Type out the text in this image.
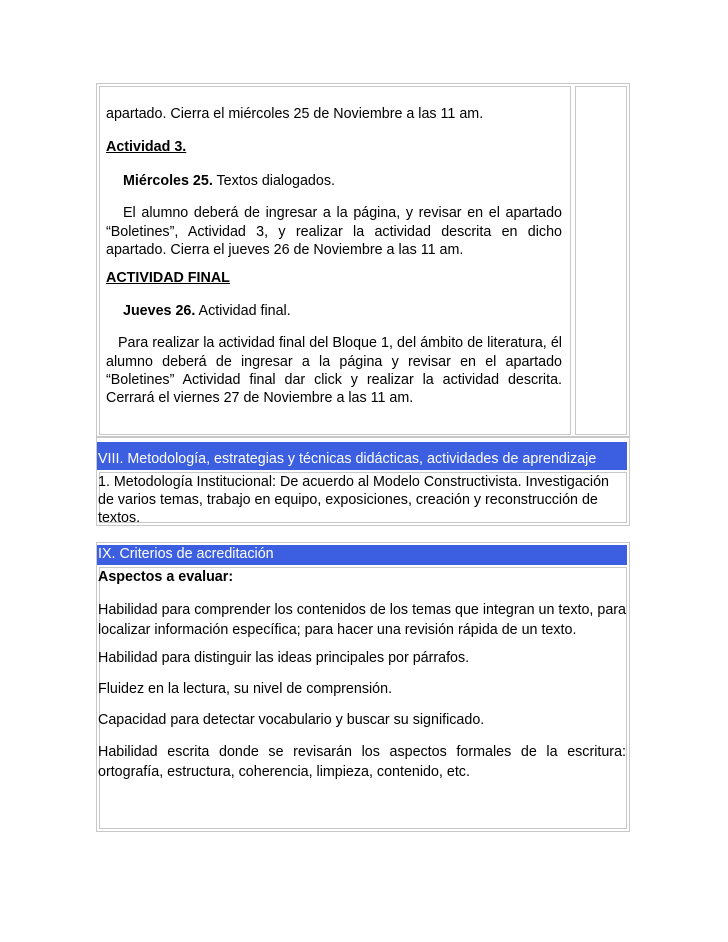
apartado. Cierra el miércoles 25 de Noviembre a las 11 am.

Actividad 3.

Miércoles 25. Textos dialogados.

El alumno deberá de ingresar a la página, y revisar en el apartado

“Boletines”, Actividad 3, y realizar la actividad descrita en dicho

apartado. Cierra el jueves 26 de Noviembre a las 11 am.

ACTIVIDAD FINAL

Jueves 26. Actividad final.

Para realizar la actividad final del Bloque 1, del ámbito de literatura, él

alumno deberá de ingresar a la página y revisar en el apartado

“Boletines” Actividad final dar click y realizar la actividad descrita.

Cerrará el viernes 27 de Noviembre a las 11 am.

VIII. Metodología, estrategias y técnicas didácticas, actividades de aprendizaje

1. Metodología Institucional: De acuerdo al Modelo Constructivista. Investigación

de varios temas, trabajo en equipo, exposiciones, creación y reconstrucción de

textos.

IX. Criterios de acreditación

Aspectos a evaluar:

Habilidad para comprender los contenidos de los temas que integran un texto, para

localizar información específica; para hacer una revisión rápida de un texto.

Habilidad para distinguir las ideas principales por párrafos.

Fluidez en la lectura, su nivel de comprensión.

Capacidad para detectar vocabulario y buscar su significado.

Habilidad escrita donde se revisarán los aspectos formales de la escritura:

ortografía, estructura, coherencia, limpieza, contenido, etc.
